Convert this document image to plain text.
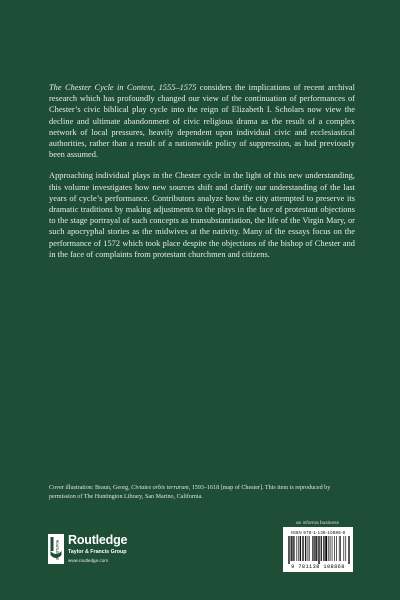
The Chester Cycle in Context, 1555–1575 considers the implications of recent archival research which has profoundly changed our view of the continuation of performances of Chester’s civic biblical play cycle into the reign of Elizabeth I. Scholars now view the decline and ultimate abandonment of civic religious drama as the result of a complex network of local pressures, heavily dependent upon individual civic and ecclesiastical authorities, rather than a result of a nationwide policy of suppression, as had previously been assumed.

Approaching individual plays in the Chester cycle in the light of this new understanding, this volume investigates how new sources shift and clarify our understanding of the last years of cycle’s performance. Contributors analyze how the city attempted to preserve its dramatic traditions by making adjustments to the plays in the face of protestant objections to the stage portrayal of such concepts as transubstantiation, the life of the Virgin Mary, or such apocryphal stories as the midwives at the nativity. Many of the essays focus on the performance of 1572 which took place despite the objections of the bishop of Chester and in the face of complaints from protestant churchmen and citizens.

Cover illustration: Braun, Georg, Civiates orbis terrarum, 1593–1618 [map of Chester]. This item is reproduced by permission of The Huntington Library, San Marino, California.
an informa business
ROUTLEDGE Routledge
Taylor & Francis Group
www.routledge.com
ISBN 978-1-138-10886-8
9 781138 108868
